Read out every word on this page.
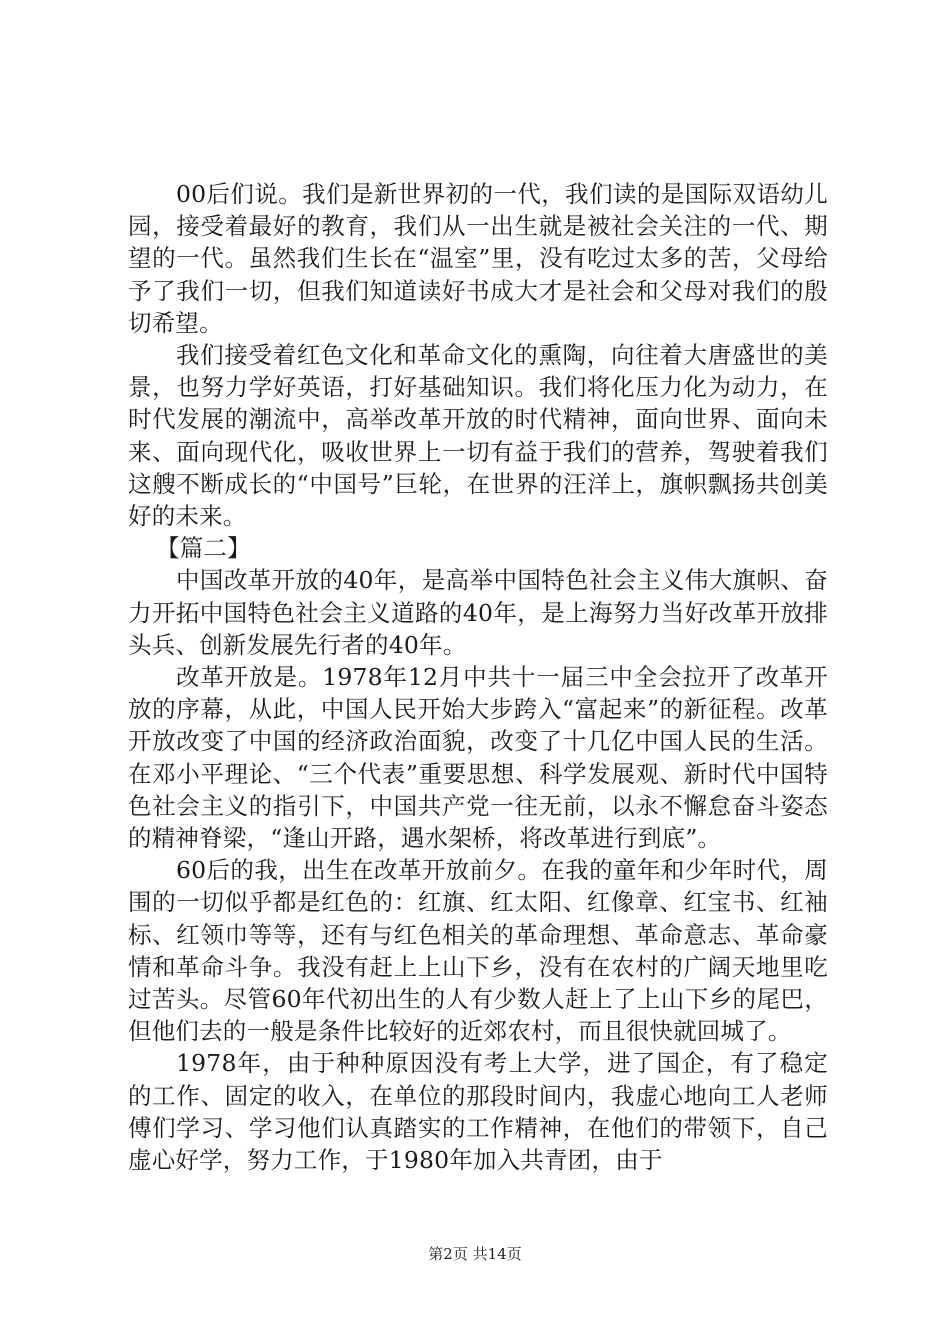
00后们说。我们是新世界初的一代，我们读的是国际双语幼儿园，接受着最好的教育，我们从一出生就是被社会关注的一代、期望的一代。虽然我们生长在“温室”里，没有吃过太多的苦，父母给予了我们一切，但我们知道读好书成大才是社会和父母对我们的殷切希望。

我们接受着红色文化和革命文化的熏陶，向往着大唐盛世的美景，也努力学好英语，打好基础知识。我们将化压力化为动力，在时代发展的潮流中，高举改革开放的时代精神，面向世界、面向未来、面向现代化，吸收世界上一切有益于我们的营养，驾驶着我们这艘不断成长的“中国号”巨轮，在世界的汪洋上，旗帜飘扬共创美好的未来。

【篇二】

中国改革开放的40年，是高举中国特色社会主义伟大旗帜、奋力开拓中国特色社会主义道路的40年，是上海努力当好改革开放排头兵、创新发展先行者的40年。

改革开放是。1978年12月中共十一届三中全会拉开了改革开放的序幕，从此，中国人民开始大步跨入“富起来”的新征程。改革开放改变了中国的经济政治面貌，改变了十几亿中国人民的生活。在邓小平理论、“三个代表”重要思想、科学发展观、新时代中国特色社会主义的指引下，中国共产党一往无前，以永不懈怠奋斗姿态的精神脊梁，“逢山开路，遇水架桥，将改革进行到底”。

60后的我，出生在改革开放前夕。在我的童年和少年时代，周围的一切似乎都是红色的：红旗、红太阳、红像章、红宝书、红袖标、红领巾等等，还有与红色相关的革命理想、革命意志、革命豪情和革命斗争。我没有赶上上山下乡，没有在农村的广阔天地里吃过苦头。尽管60年代初出生的人有少数人赶上了上山下乡的尾巴，但他们去的一般是条件比较好的近郊农村，而且很快就回城了。

1978年，由于种种原因没有考上大学，进了国企，有了稳定的工作、固定的收入，在单位的那段时间内，我虚心地向工人老师傅们学习、学习他们认真踏实的工作精神，在他们的带领下，自己虚心好学，努力工作，于1980年加入共青团，由于

第2页 共14页
